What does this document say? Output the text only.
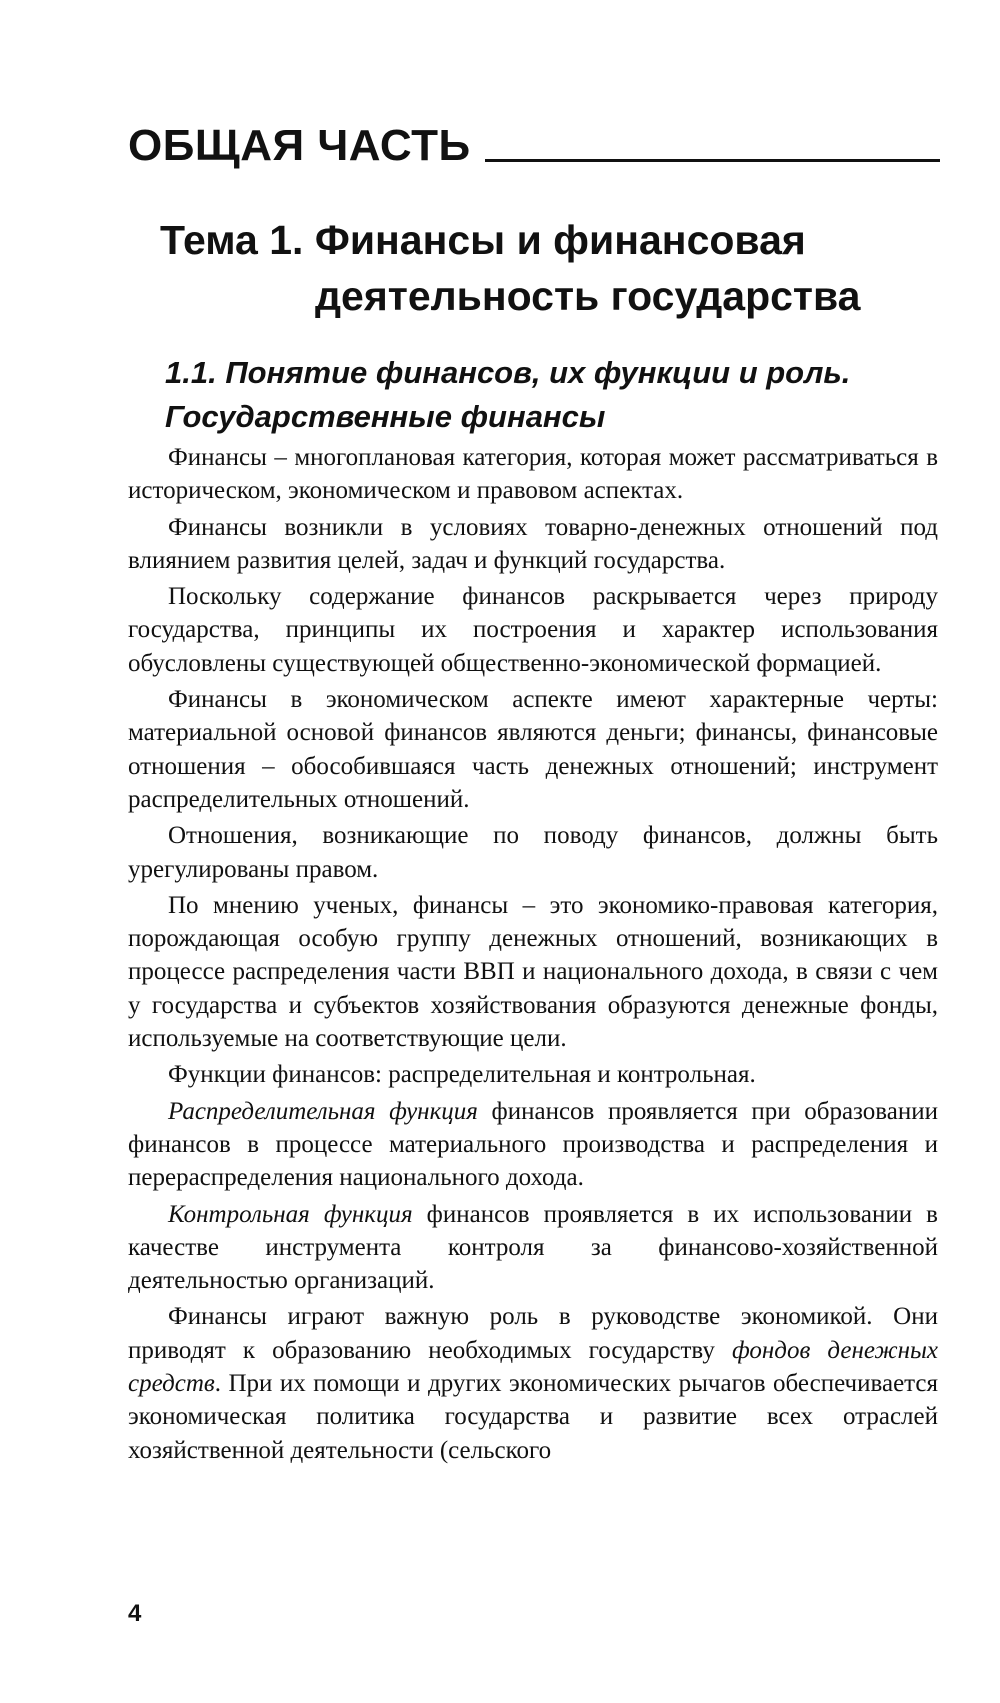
ОБЩАЯ ЧАСТЬ
Тема 1. Финансы и финансовая
деятельность государства
1.1. Понятие финансов, их функции и роль.
Государственные финансы

Финансы – многоплановая категория, которая может рассматриваться в историческом, экономическом и правовом аспектах.

Финансы возникли в условиях товарно-денежных отношений под влиянием развития целей, задач и функций государства.

Поскольку содержание финансов раскрывается через природу государства, принципы их построения и характер использования обусловлены существующей общественно-экономической формацией.

Финансы в экономическом аспекте имеют характерные черты: материальной основой финансов являются деньги; финансы, финансовые отношения – обособившаяся часть денежных отношений; инструмент распределительных отношений.

Отношения, возникающие по поводу финансов, должны быть урегулированы правом.

По мнению ученых, финансы – это экономико-правовая категория, порождающая особую группу денежных отношений, возникающих в процессе распределения части ВВП и национального дохода, в связи с чем у государства и субъектов хозяйствования образуются денежные фонды, используемые на соответствующие цели.

Функции финансов: распределительная и контрольная.

Распределительная функция финансов проявляется при образовании финансов в процессе материального производства и распределения и перераспределения национального дохода.

Контрольная функция финансов проявляется в их использовании в качестве инструмента контроля за финансово-хозяйственной деятельностью организаций.

Финансы играют важную роль в руководстве экономикой. Они приводят к образованию необходимых государству фондов денежных средств. При их помощи и других экономических рычагов обеспечивается экономическая политика государства и развитие всех отраслей хозяйственной деятельности (сельского

4
